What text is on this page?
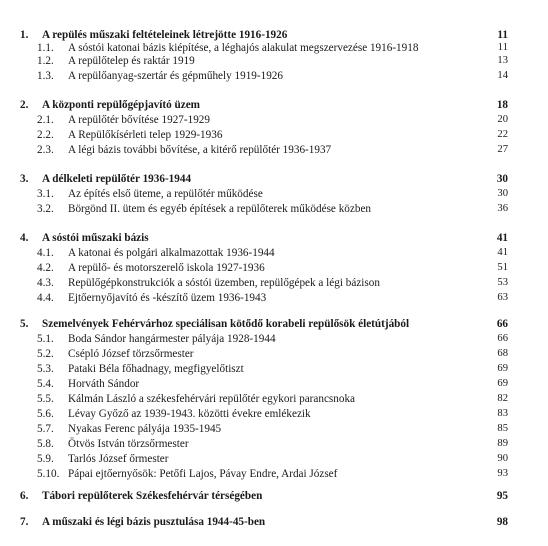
1. A repülés műszaki feltételeinek létrejötte 1916-1926	11
1.1. A sóstói katonai bázis kiépítése, a léghajós alakulat megszervezése 1916-1918	11
1.2. A repülőtelep és raktár 1919	13
1.3. A repülőanyag-szertár és gépműhely 1919-1926	14
2. A központi repülőgépjavító üzem	18
2.1. A repülőtér bővítése 1927-1929	20
2.2. A Repülőkísérleti telep 1929-1936	22
2.3. A légi bázis további bővítése, a kitérő repülőtér 1936-1937	27
3. A délkeleti repülőtér 1936-1944	30
3.1. Az építés első üteme, a repülőtér működése	30
3.2. Börgönd II. ütem és egyéb építések a repülőterek működése közben	36
4. A sóstói műszaki bázis	41
4.1. A katonai és polgári alkalmazottak 1936-1944	41
4.2. A repülő- és motorszerelő iskola 1927-1936	51
4.3. Repülőgépkonstrukciók a sóstói üzemben, repülőgépek a légi bázison	53
4.4. Ejtőernyőjavító és -készítő üzem 1936-1943	63
5. Szemelvények Fehérvárhoz speciálisan kötődő korabeli repülősök életútjából	66
5.1. Boda Sándor hangármester pályája 1928-1944	66
5.2. Csépló József törzsőrmester	68
5.3. Pataki Béla főhadnagy, megfigyelőtiszt	69
5.4. Horváth Sándor	69
5.5. Kálmán László a székesfehérvári repülőtér egykori parancsnoka	82
5.6. Lévay Győző az 1939-1943. közötti évekre emlékezik	83
5.7. Nyakas Ferenc pályája 1935-1945	85
5.8. Ötvös István törzsőrmester	89
5.9. Tarlós József őrmester	90
5.10. Pápai ejtőernyősök: Petőfi Lajos, Pávay Endre, Ardai József	93
6. Tábori repülőterek Székesfehérvár térségében	95
7. A műszaki és légi bázis pusztulása 1944-45-ben	98
